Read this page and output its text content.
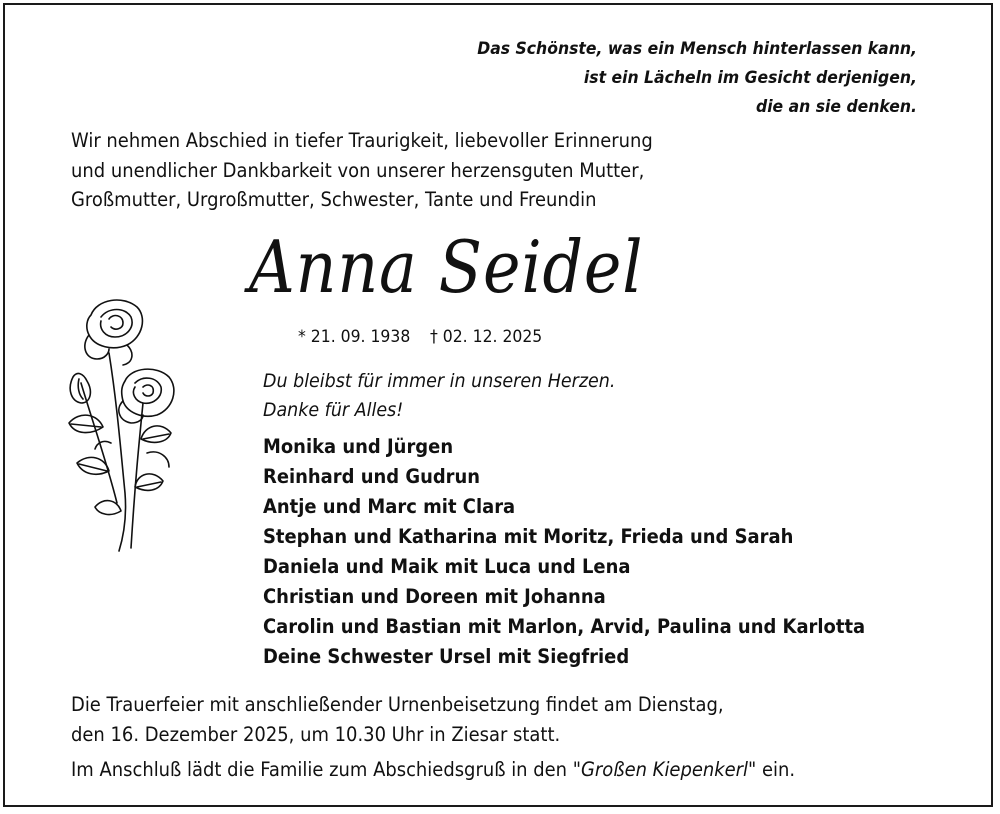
Das Schönste, was ein Mensch hinterlassen kann,
ist ein Lächeln im Gesicht derjenigen,
die an sie denken.
Wir nehmen Abschied in tiefer Traurigkeit, liebevoller Erinnerung
und unendlicher Dankbarkeit von unserer herzensguten Mutter,
Großmutter, Urgroßmutter, Schwester, Tante und Freundin
Anna Seidel
* 21. 09. 1938 † 02. 12. 2025
Du bleibst für immer in unseren Herzen.
Danke für Alles!
Monika und Jürgen
Reinhard und Gudrun
Antje und Marc mit Clara
Stephan und Katharina mit Moritz, Frieda und Sarah
Daniela und Maik mit Luca und Lena
Christian und Doreen mit Johanna
Carolin und Bastian mit Marlon, Arvid, Paulina und Karlotta
Deine Schwester Ursel mit Siegfried
Die Trauerfeier mit anschließender Urnenbeisetzung findet am Dienstag,
den 16. Dezember 2025, um 10.30 Uhr in Ziesar statt.
Im Anschluß lädt die Familie zum Abschiedsgruß in den "Großen Kiepenkerl" ein.
